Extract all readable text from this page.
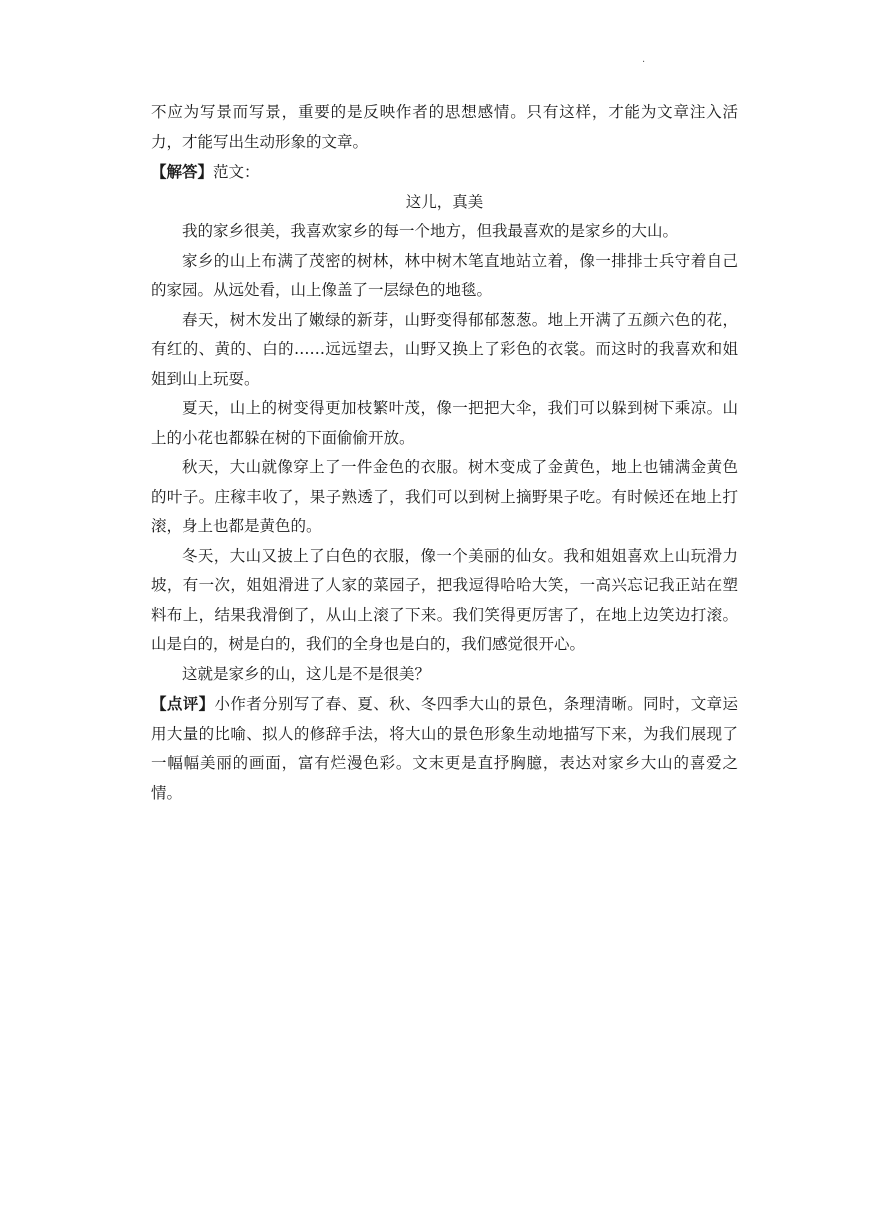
.

不应为写景而写景，重要的是反映作者的思想感情。只有这样，才能为文章注入活力，才能写出生动形象的文章。

【解答】范文：

这儿，真美

我的家乡很美，我喜欢家乡的每一个地方，但我最喜欢的是家乡的大山。

家乡的山上布满了茂密的树林，林中树木笔直地站立着，像一排排士兵守着自己的家园。从远处看，山上像盖了一层绿色的地毯。

春天，树木发出了嫩绿的新芽，山野变得郁郁葱葱。地上开满了五颜六色的花，有红的、黄的、白的……远远望去，山野又换上了彩色的衣裳。而这时的我喜欢和姐姐到山上玩耍。

夏天，山上的树变得更加枝繁叶茂，像一把把大伞，我们可以躲到树下乘凉。山上的小花也都躲在树的下面偷偷开放。

秋天，大山就像穿上了一件金色的衣服。树木变成了金黄色，地上也铺满金黄色的叶子。庄稼丰收了，果子熟透了，我们可以到树上摘野果子吃。有时候还在地上打滚，身上也都是黄色的。

冬天，大山又披上了白色的衣服，像一个美丽的仙女。我和姐姐喜欢上山玩滑力坡，有一次，姐姐滑进了人家的菜园子，把我逗得哈哈大笑，一高兴忘记我正站在塑料布上，结果我滑倒了，从山上滚了下来。我们笑得更厉害了，在地上边笑边打滚。山是白的，树是白的，我们的全身也是白的，我们感觉很开心。

这就是家乡的山，这儿是不是很美？

【点评】小作者分别写了春、夏、秋、冬四季大山的景色，条理清晰。同时，文章运用大量的比喻、拟人的修辞手法，将大山的景色形象生动地描写下来，为我们展现了一幅幅美丽的画面，富有烂漫色彩。文末更是直抒胸臆，表达对家乡大山的喜爱之情。
